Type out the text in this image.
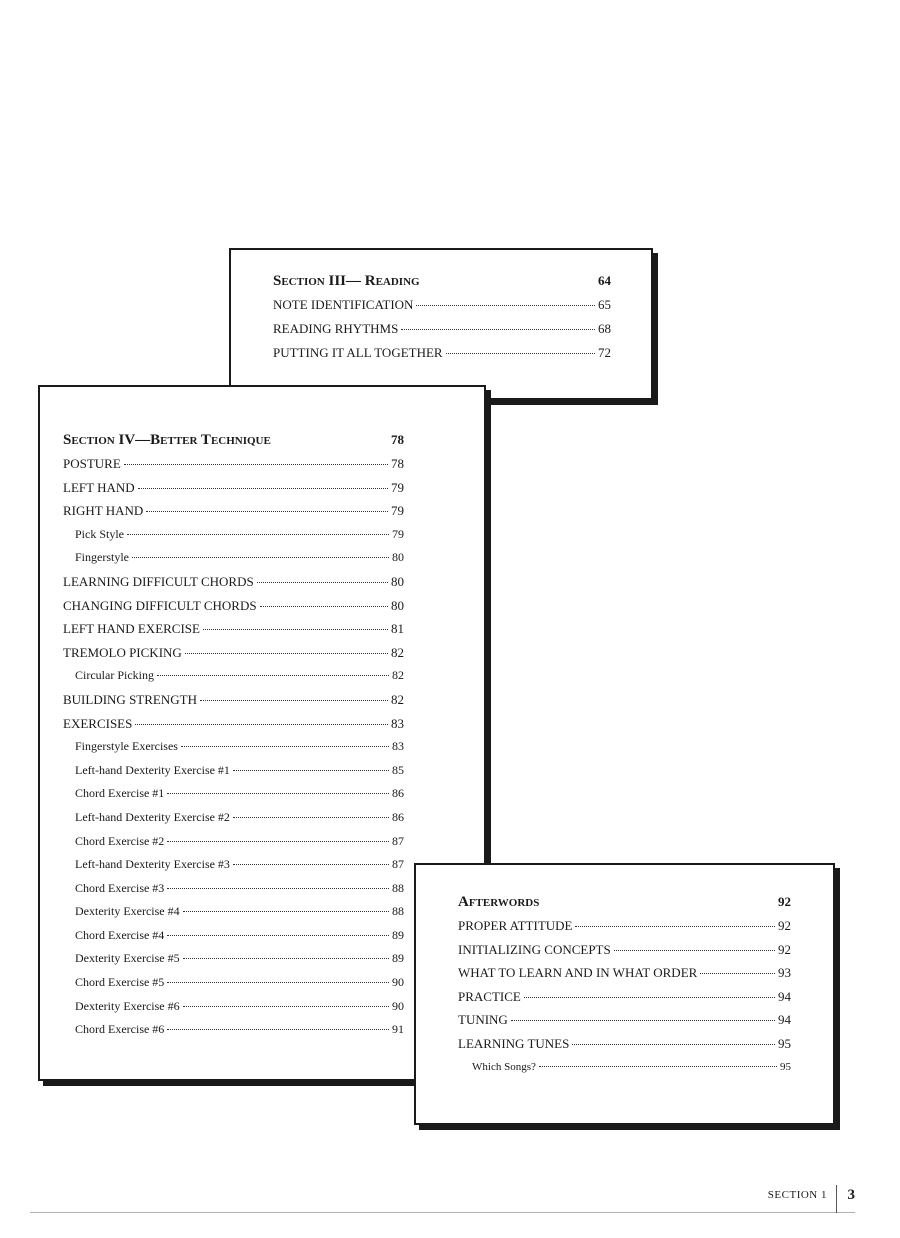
Section III— Reading	64
NOTE IDENTIFICATION	65
READING RHYTHMS	68
PUTTING IT ALL TOGETHER	72
Section IV—Better Technique	78
POSTURE	78
LEFT HAND	79
RIGHT HAND	79
Pick Style	79
Fingerstyle	80
LEARNING DIFFICULT CHORDS	80
CHANGING DIFFICULT CHORDS	80
LEFT HAND EXERCISE	81
TREMOLO PICKING	82
Circular Picking	82
BUILDING STRENGTH	82
EXERCISES	83
Fingerstyle Exercises	83
Left-hand Dexterity Exercise #1	85
Chord Exercise #1	86
Left-hand Dexterity Exercise #2	86
Chord Exercise #2	87
Left-hand Dexterity Exercise #3	87
Chord Exercise #3	88
Dexterity Exercise #4	88
Chord Exercise #4	89
Dexterity Exercise #5	89
Chord Exercise #5	90
Dexterity Exercise #6	90
Chord Exercise #6	91
Afterwords	92
PROPER ATTITUDE	92
INITIALIZING CONCEPTS	92
WHAT TO LEARN AND IN WHAT ORDER	93
PRACTICE	94
TUNING	94
LEARNING TUNES	95
Which Songs?	95
SECTION 1 3
